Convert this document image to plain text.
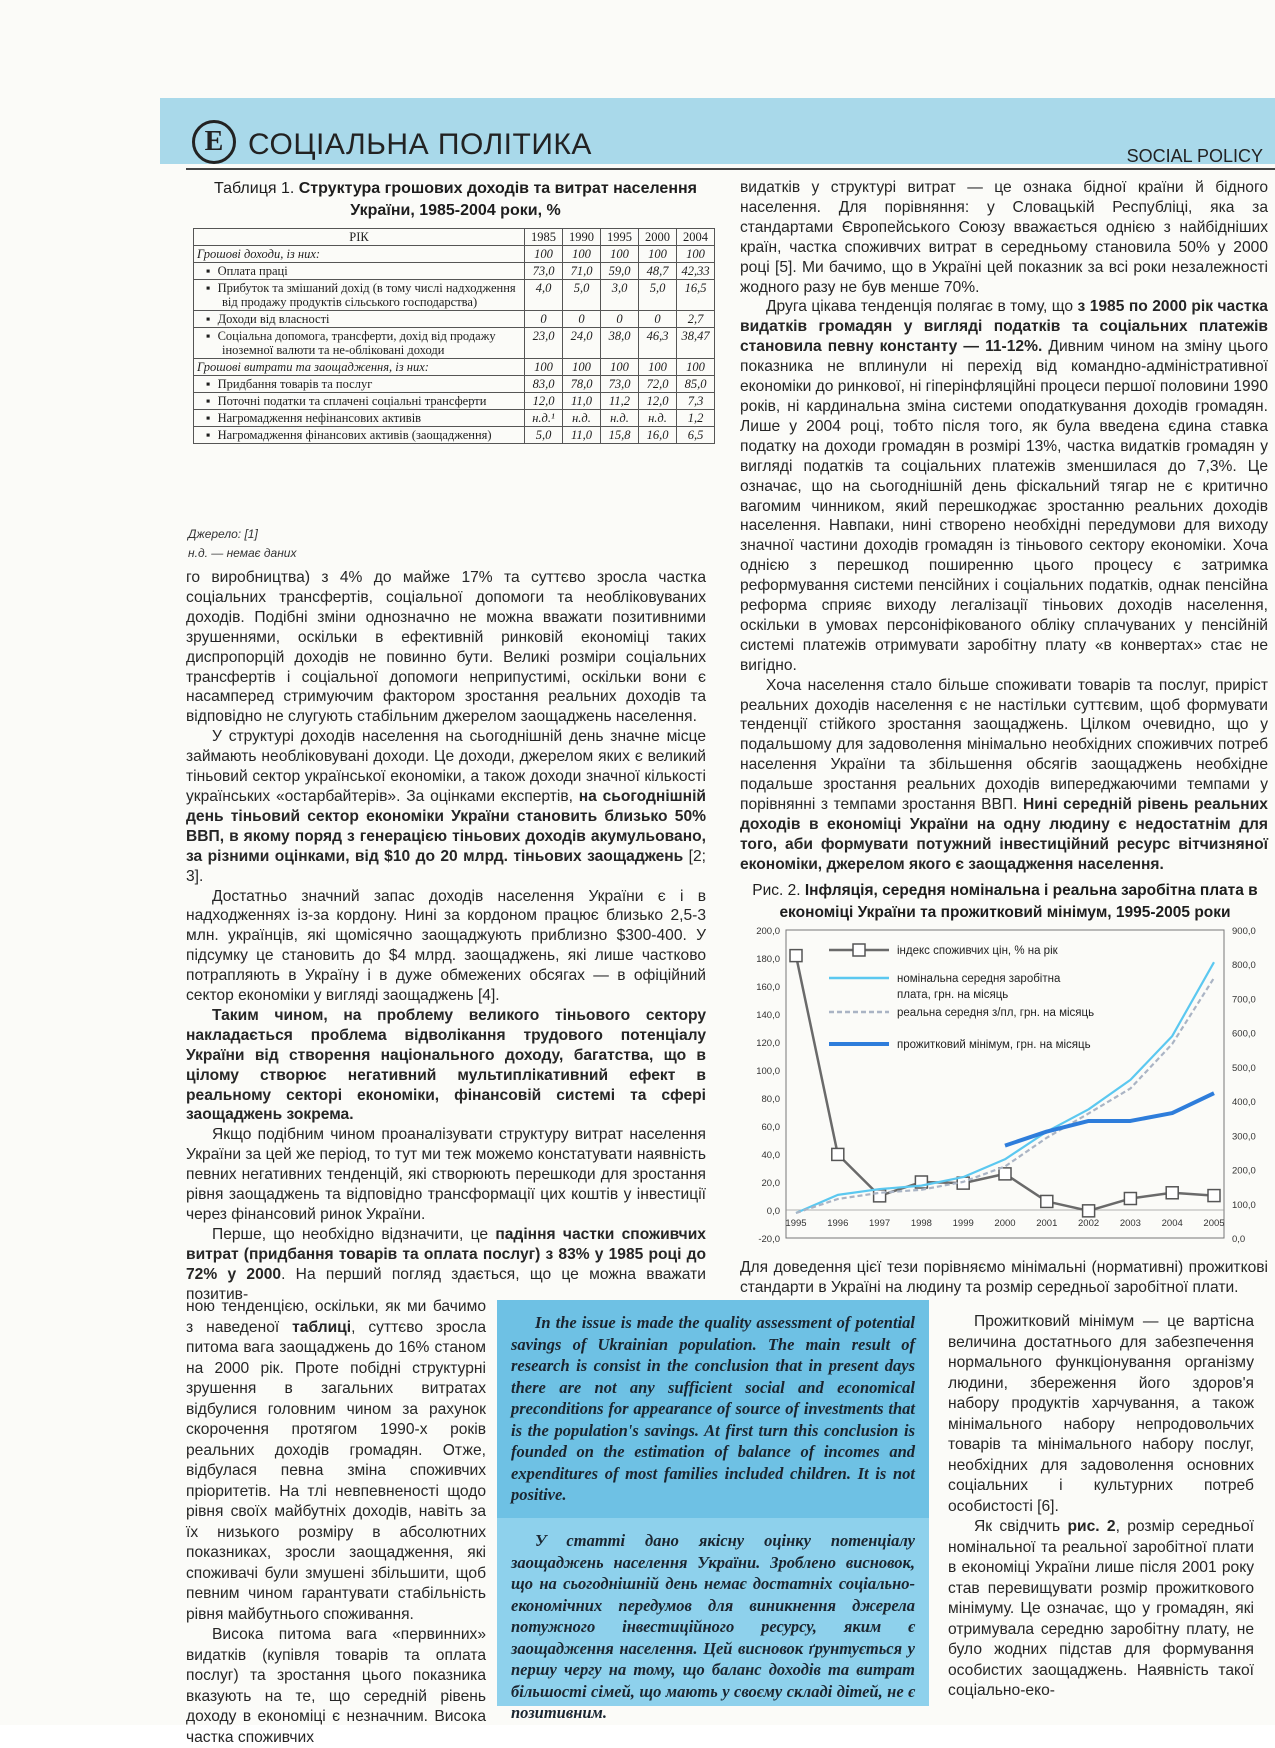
Е СОЦІАЛЬНА ПОЛІТИКА	SOCIAL POLICY
Таблиця 1. Структура грошових доходів та витрат населення України, 1985-2004 роки, %
РІК	1985	1990	1995	2000	2004
Грошові доходи, із них:	100	100	100	100	100
▪ Оплата праці	73,0	71,0	59,0	48,7	42,33
▪ Прибуток та змішаний дохід (в тому числі надходження від продажу продуктів сільського господарства)	4,0	5,0	3,0	5,0	16,5
▪ Доходи від власності	0	0	0	0	2,7
▪ Соціальна допомога, трансферти, дохід від продажу іноземної валюти та не-обліковані доходи	23,0	24,0	38,0	46,3	38,47
Грошові витрати та заощадження, із них:	100	100	100	100	100
▪ Придбання товарів та послуг	83,0	78,0	73,0	72,0	85,0
▪ Поточні податки та сплачені соціальні трансферти	12,0	11,0	11,2	12,0	7,3
▪ Нагромадження нефінансових активів	н.д.¹	н.д.	н.д.	н.д.	1,2
▪ Нагромадження фінансових активів (заощадження)	5,0	11,0	15,8	16,0	6,5
Джерело: [1]
н.д. — немає даних

го виробництва) з 4% до майже 17% та суттєво зросла частка соціальних трансфертів, соціальної допомоги та необліковуваних доходів. Подібні зміни однозначно не можна вважати позитивними зрушеннями, оскільки в ефективній ринковій економіці таких диспропорцій доходів не повинно бути. Великі розміри соціальних трансфертів і соціальної допомоги неприпустимі, оскільки вони є насамперед стримуючим фактором зростання реальних доходів та відповідно не слугують стабільним джерелом заощаджень населення.

У структурі доходів населення на сьогоднішній день значне місце займають необліковувані доходи. Це доходи, джерелом яких є великий тіньовий сектор української економіки, а також доходи значної кількості українських «остарбайтерів». За оцінками експертів, на сьогоднішній день тіньовий сектор економіки України становить близько 50% ВВП, в якому поряд з генерацією тіньових доходів акумульовано, за різними оцінками, від $10 до 20 млрд. тіньових заощаджень [2; 3].

Достатньо значний запас доходів населення України є і в надходженнях із-за кордону. Нині за кордоном працює близько 2,5-3 млн. українців, які щомісячно заощаджують приблизно $300-400. У підсумку це становить до $4 млрд. заощаджень, які лише частково потрапляють в Україну і в дуже обмежених обсягах — в офіційний сектор економіки у вигляді заощаджень [4].

Таким чином, на проблему великого тіньового сектору накладається проблема відволікання трудового потенціалу України від створення національного доходу, багатства, що в цілому створює негативний мультиплікативний ефект в реальному секторі економіки, фінансовій системі та сфері заощаджень зокрема.

Якщо подібним чином проаналізувати структуру витрат населення України за цей же період, то тут ми теж можемо констатувати наявність певних негативних тенденцій, які створюють перешкоди для зростання рівня заощаджень та відповідно трансформації цих коштів у інвестиції через фінансовий ринок України.

Перше, що необхідно відзначити, це падіння частки споживчих витрат (придбання товарів та оплата послуг) з 83% у 1985 році до 72% у 2000. На перший погляд здається, що це можна вважати позитив-

ною тенденцією, оскільки, як ми бачимо з наведеної таблиці, суттєво зросла питома вага заощаджень до 16% станом на 2000 рік. Проте побідні структурні зрушення в загальних витратах відбулися головним чином за рахунок скорочення протягом 1990-х років реальних доходів громадян. Отже, відбулася певна зміна споживчих пріоритетів. На тлі невпевненості щодо рівня своїх майбутніх доходів, навіть за їх низького розміру в абсолютних показниках, зросли заощадження, які споживачі були змушені збільшити, щоб певним чином гарантувати стабільність рівня майбутнього споживання.

Висока питома вага «первинних» видатків (купівля товарів та оплата послуг) та зростання цього показника вказують на те, що середній рівень доходу в економіці є незначним. Висока частка споживчих

видатків у структурі витрат — це ознака бідної країни й бідного населення. Для порівняння: у Словацькій Республіці, яка за стандартами Європейського Союзу вважається однією з найбідніших країн, частка споживчих витрат в середньому становила 50% у 2000 році [5]. Ми бачимо, що в Україні цей показник за всі роки незалежності жодного разу не був менше 70%.

Друга цікава тенденція полягає в тому, що з 1985 по 2000 рік частка видатків громадян у вигляді податків та соціальних платежів становила певну константу — 11-12%. Дивним чином на зміну цього показника не вплинули ні перехід від командно-адміністративної економіки до ринкової, ні гіперінфляційні процеси першої половини 1990 років, ні кардинальна зміна системи оподаткування доходів громадян. Лише у 2004 році, тобто після того, як була введена єдина ставка податку на доходи громадян в розмірі 13%, частка видатків громадян у вигляді податків та соціальних платежів зменшилася до 7,3%. Це означає, що на сьогоднішній день фіскальний тягар не є критично вагомим чинником, який перешкоджає зростанню реальних доходів населення. Навпаки, нині створено необхідні передумови для виходу значної частини доходів громадян із тіньового сектору економіки. Хоча однією з перешкод поширенню цього процесу є затримка реформування системи пенсійних і соціальних податків, однак пенсійна реформа сприяє виходу легалізації тіньових доходів населення, оскільки в умовах персоніфікованого обліку сплачуваних у пенсійній системі платежів отримувати заробітну плату «в конвертах» стає не вигідно.

Хоча населення стало більше споживати товарів та послуг, приріст реальних доходів населення є не настільки суттєвим, щоб формувати тенденції стійкого зростання заощаджень. Цілком очевидно, що у подальшому для задоволення мінімально необхідних споживчих потреб населення України та збільшення обсягів заощаджень необхідне подальше зростання реальних доходів випереджаючими темпами у порівнянні з темпами зростання ВВП. Нині середній рівень реальних доходів в економіці України на одну людину є недостатнім для того, аби формувати потужний інвестиційний ресурс вітчизняної економіки, джерелом якого є заощадження населення.

Рис. 2. Інфляція, середня номінальна і реальна заробітна плата в економіці України та прожитковий мінімум, 1995-2005 роки
200,0
180,0
160,0
140,0
120,0
100,0
80,0
60,0
40,0
20,0
0,0
-20,0
900,0
800,0
700,0
600,0
500,0
400,0
300,0
200,0
100,0
0,0
1995 1996 1997 1998 1999 2000 2001 2002 2003 2004 2005
індекс споживчих цін, % на рік
номінальна середня заробітна
плата, грн. на місяць
реальна середня з/пл, грн. на місяць
прожитковий мінімум, грн. на місяць

Для доведення цієї тези порівняємо мінімальні (нормативні) прожиткові стандарти в Україні на людину та розмір середньої заробітної плати.

Прожитковий мінімум — це вартісна величина достатнього для забезпечення нормального функціонування організму людини, збереження його здоров'я набору продуктів харчування, а також мінімального набору непродовольчих товарів та мінімального набору послуг, необхідних для задоволення основних соціальних і культурних потреб особистості [6].

Як свідчить рис. 2, розмір середньої номінальної та реальної заробітної плати в економіці України лише після 2001 року став перевищувати розмір прожиткового мінімуму. Це означає, що у громадян, які отримувала середню заробітну плату, не було жодних підстав для формування особистих заощаджень. Наявність такої соціально-еко-

In the issue is made the quality assessment of potential savings of Ukrainian population. The main result of research is consist in the conclusion that in present days there are not any sufficient social and economical preconditions for appearance of source of investments that is the population's savings. At first turn this conclusion is founded on the estimation of balance of incomes and expenditures of most families included children. It is not positive.

У статті дано якісну оцінку потенціалу заощаджень населення України. Зроблено висновок, що на сьогоднішній день немає достатніх соціально-економічних передумов для виникнення джерела потужного інвестиційного ресурсу, яким є заощадження населення. Цей висновок ґрунтується у першу чергу на тому, що баланс доходів та витрат більшості сімей, що мають у своєму складі дітей, не є позитивним.
